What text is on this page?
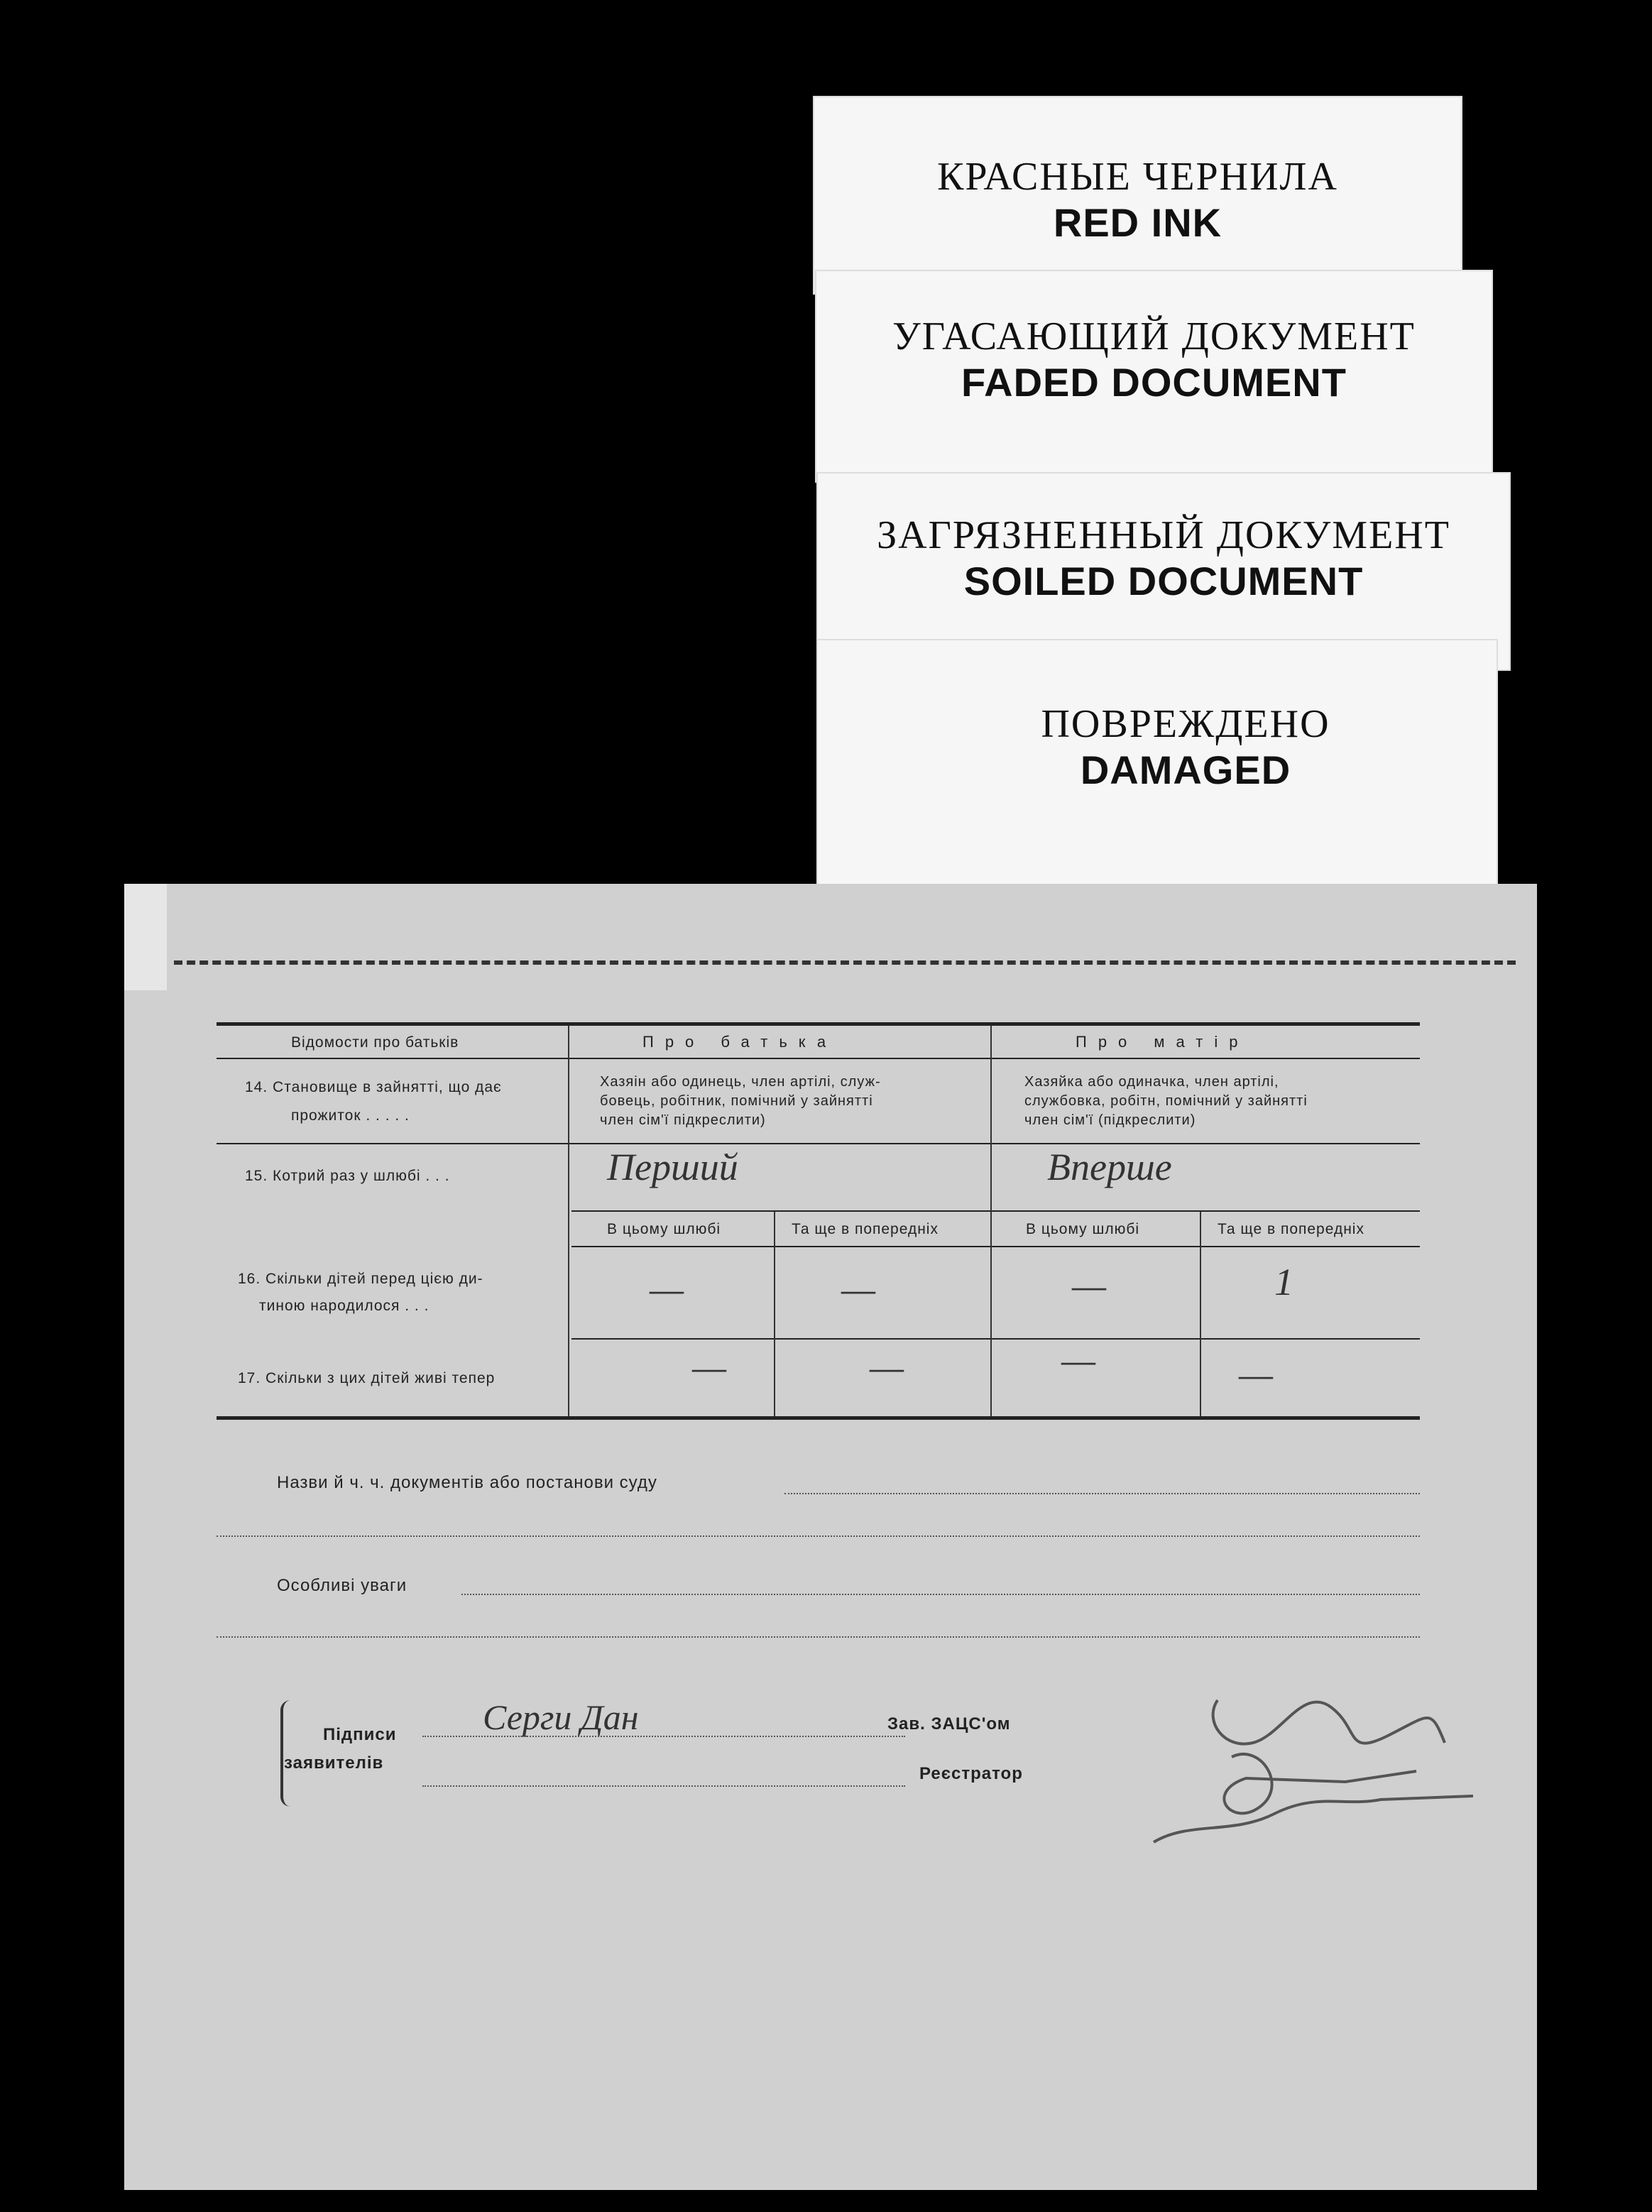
КРАСНЫЕ ЧЕРНИЛА
RED INK
УГАСАЮЩИЙ ДОКУМЕНТ
FADED DOCUMENT
ЗАГРЯЗНЕННЫЙ ДОКУМЕНТ
SOILED DOCUMENT
ПОВРЕЖДЕНО
DAMAGED
Відомости про батьків	Про батька	Про матір
14. Становище в зайнятті, що дає
прожиток . . . . .
Хазяін або одинець, член артілі, служ-
бовець, робітник, помічний у зайнятті
член сім'ї підкреслити)
Хазяйка або одиначка, член артілі,
службовка, робітн, помічний у зайнятті
член сім'ї (підкреслити)
15. Котрий раз у шлюбі . . .	Перший	Вперше
В цьому шлюбі	Та ще в попередніх	В цьому шлюбі	Та ще в попередніх
16. Скільки дітей перед цією ди-
тиною народилося . . .	—	—	—	1
17. Скільки з цих дітей живі тепер	—	—	—	—
Назви й ч. ч. документів або постанови суду
Особливі уваги
Підписи
заявителів
Серги Дан	Зав. ЗАЦС'ом
Реєстратор
